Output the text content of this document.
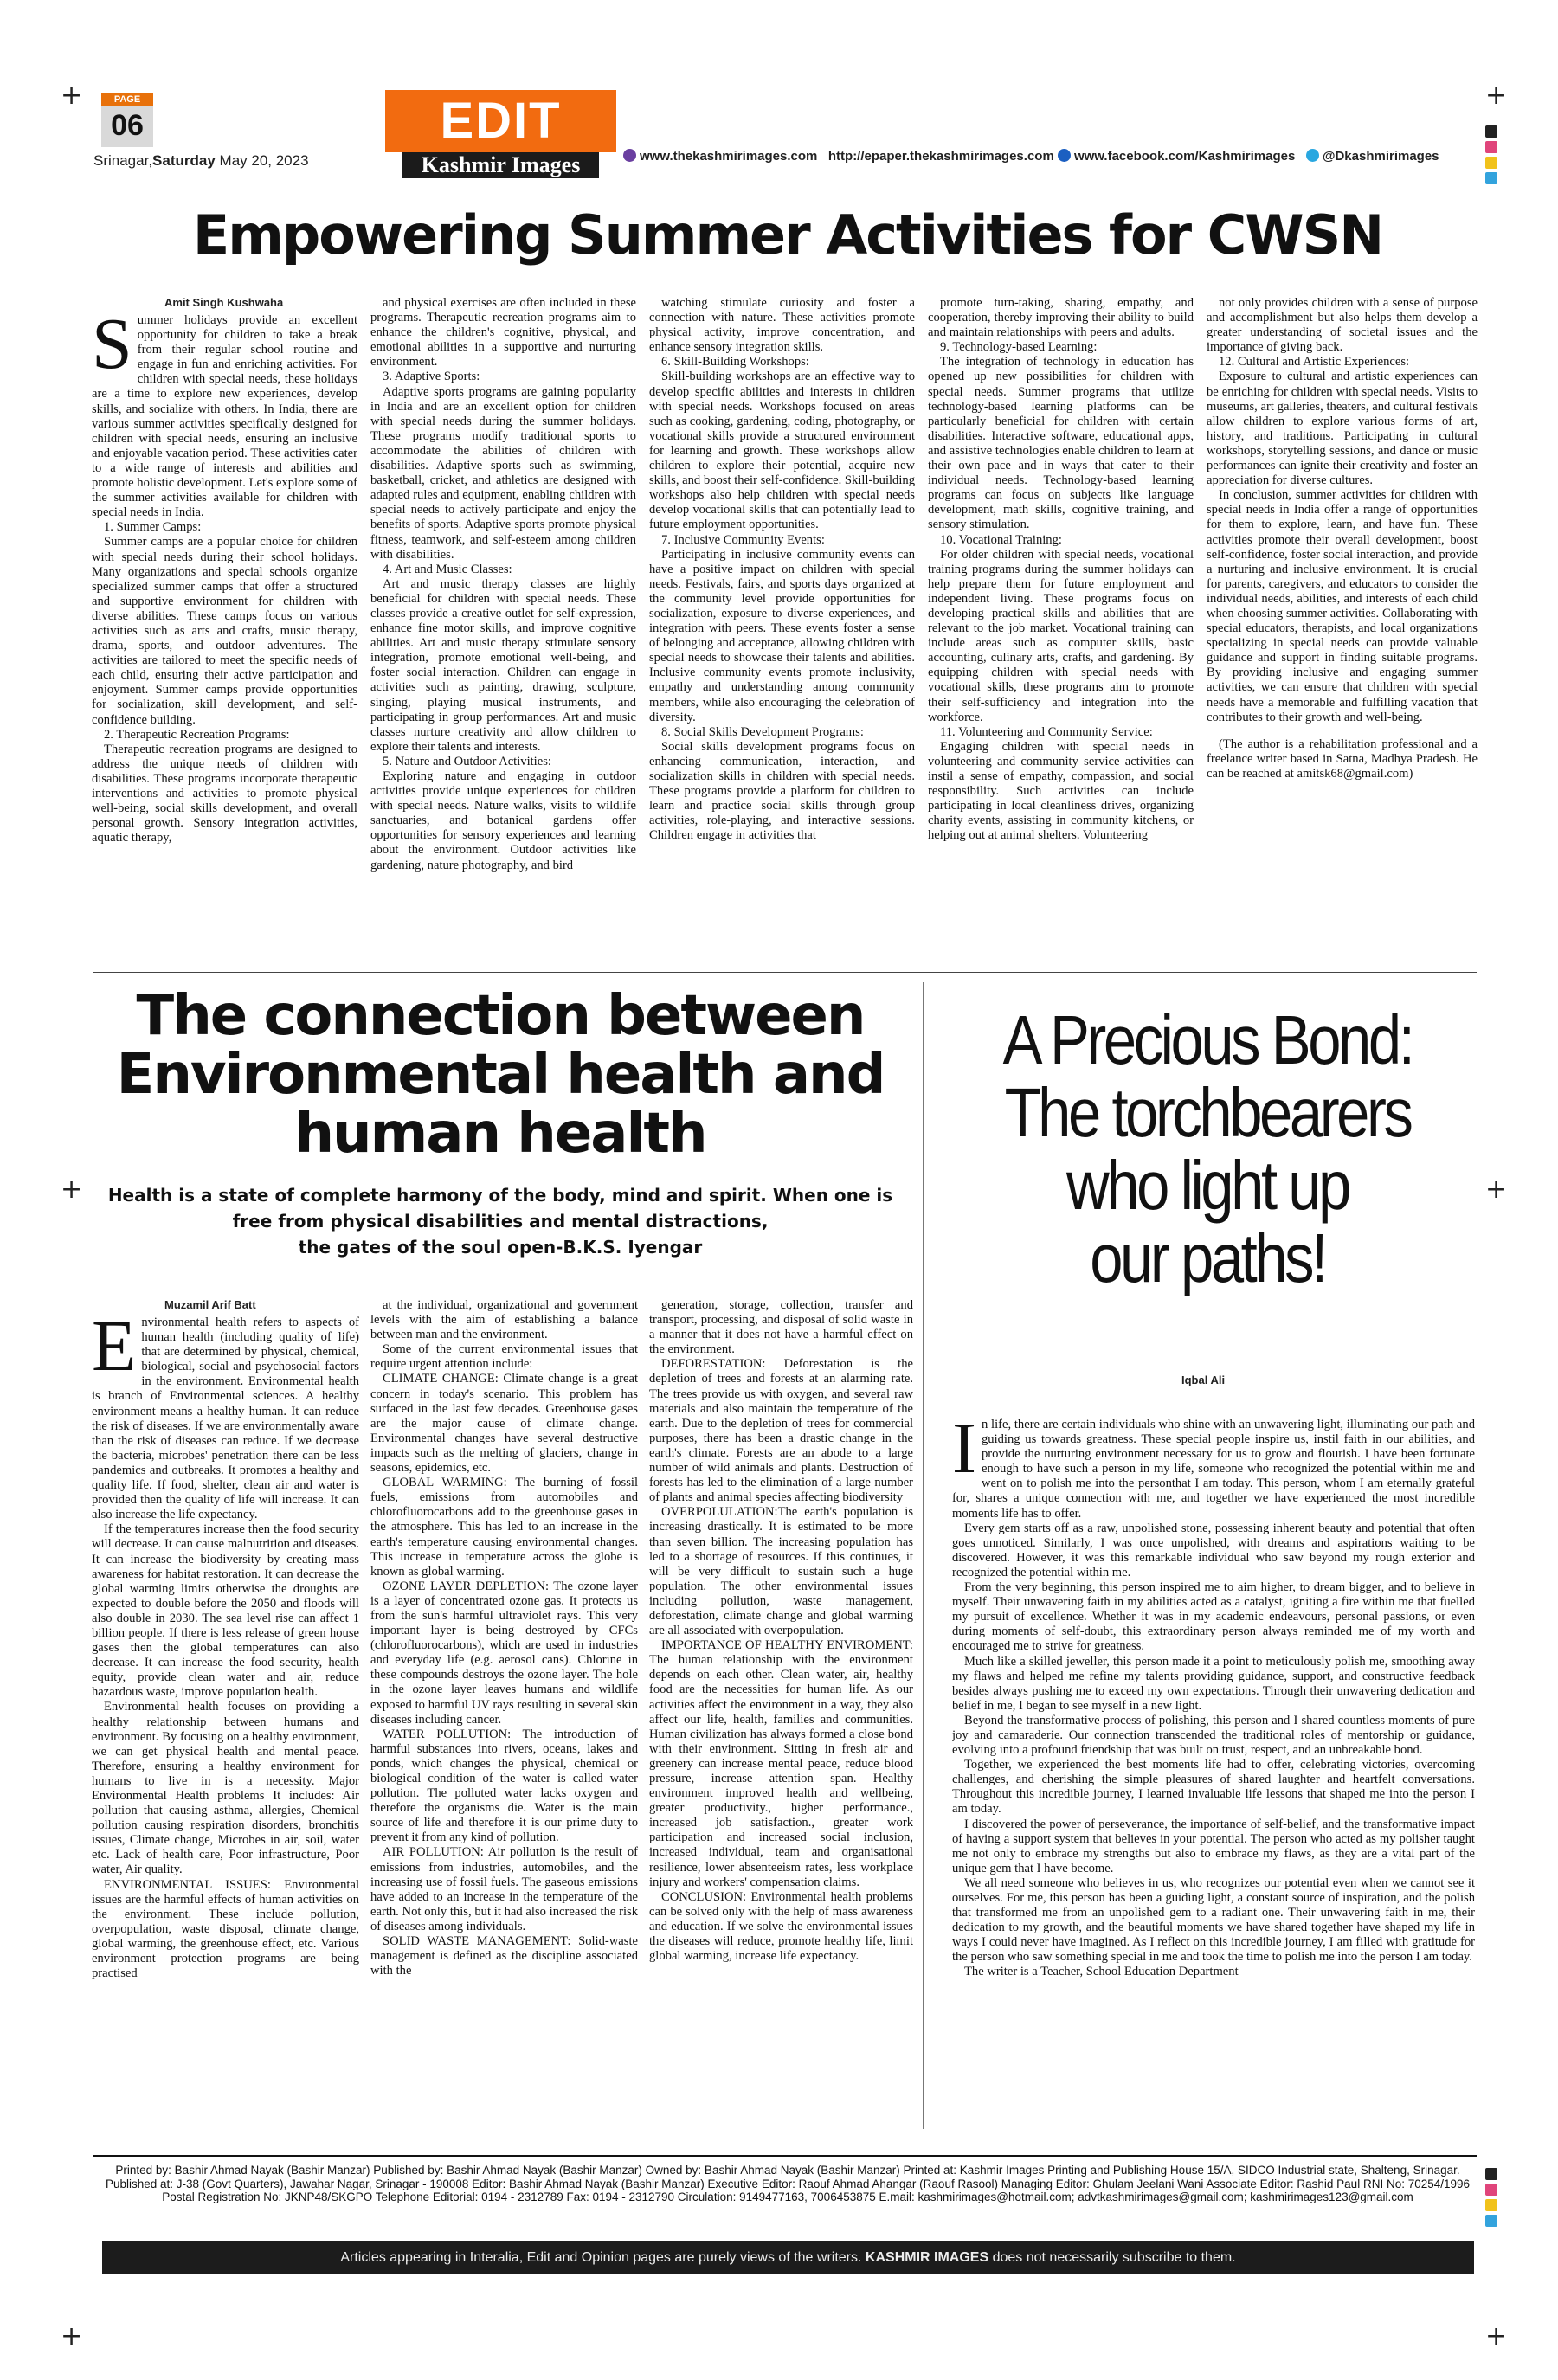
+	+
+	+
+	+
PAGE
06
Srinagar,Saturday May 20, 2023
EDIT
Kashmir Images	www.thekashmirimages.com http://epaper.thekashmirimages.com www.facebook.com/Kashmirimages @Dkashmirimages
Empowering Summer Activities for CWSN
Amit Singh Kushwaha

Summer holidays provide an excellent opportunity for children to take a break from their regular school routine and engage in fun and enriching activities. For children with special needs, these holidays are a time to explore new experiences, develop skills, and socialize with others. In India, there are various summer activities specifically designed for children with special needs, ensuring an inclusive and enjoyable vacation period. These activities cater to a wide range of interests and abilities and promote holistic development. Let's explore some of the summer activities available for children with special needs in India.

1. Summer Camps:

Summer camps are a popular choice for children with special needs during their school holidays. Many organizations and special schools organize specialized summer camps that offer a structured and supportive environment for children with diverse abilities. These camps focus on various activities such as arts and crafts, music therapy, drama, sports, and outdoor adventures. The activities are tailored to meet the specific needs of each child, ensuring their active participation and enjoyment. Summer camps provide opportunities for socialization, skill development, and self-confidence building.

2. Therapeutic Recreation Programs:

Therapeutic recreation programs are designed to address the unique needs of children with disabilities. These programs incorporate therapeutic interventions and activities to promote physical well-being, social skills development, and overall personal growth. Sensory integration activities, aquatic therapy,

and physical exercises are often included in these programs. Therapeutic recreation programs aim to enhance the children's cognitive, physical, and emotional abilities in a supportive and nurturing environment.

3. Adaptive Sports:

Adaptive sports programs are gaining popularity in India and are an excellent option for children with special needs during the summer holidays. These programs modify traditional sports to accommodate the abilities of children with disabilities. Adaptive sports such as swimming, basketball, cricket, and athletics are designed with adapted rules and equipment, enabling children with special needs to actively participate and enjoy the benefits of sports. Adaptive sports promote physical fitness, teamwork, and self-esteem among children with disabilities.

4. Art and Music Classes:

Art and music therapy classes are highly beneficial for children with special needs. These classes provide a creative outlet for self-expression, enhance fine motor skills, and improve cognitive abilities. Art and music therapy stimulate sensory integration, promote emotional well-being, and foster social interaction. Children can engage in activities such as painting, drawing, sculpture, singing, playing musical instruments, and participating in group performances. Art and music classes nurture creativity and allow children to explore their talents and interests.

5. Nature and Outdoor Activities:

Exploring nature and engaging in outdoor activities provide unique experiences for children with special needs. Nature walks, visits to wildlife sanctuaries, and botanical gardens offer opportunities for sensory experiences and learning about the environment. Outdoor activities like gardening, nature photography, and bird

watching stimulate curiosity and foster a connection with nature. These activities promote physical activity, improve concentration, and enhance sensory integration skills.

6. Skill-Building Workshops:

Skill-building workshops are an effective way to develop specific abilities and interests in children with special needs. Workshops focused on areas such as cooking, gardening, coding, photography, or vocational skills provide a structured environment for learning and growth. These workshops allow children to explore their potential, acquire new skills, and boost their self-confidence. Skill-building workshops also help children with special needs develop vocational skills that can potentially lead to future employment opportunities.

7. Inclusive Community Events:

Participating in inclusive community events can have a positive impact on children with special needs. Festivals, fairs, and sports days organized at the community level provide opportunities for socialization, exposure to diverse experiences, and integration with peers. These events foster a sense of belonging and acceptance, allowing children with special needs to showcase their talents and abilities. Inclusive community events promote inclusivity, empathy and understanding among community members, while also encouraging the celebration of diversity.

8. Social Skills Development Programs:

Social skills development programs focus on enhancing communication, interaction, and socialization skills in children with special needs. These programs provide a platform for children to learn and practice social skills through group activities, role-playing, and interactive sessions. Children engage in activities that

promote turn-taking, sharing, empathy, and cooperation, thereby improving their ability to build and maintain relationships with peers and adults.

9. Technology-based Learning:

The integration of technology in education has opened up new possibilities for children with special needs. Summer programs that utilize technology-based learning platforms can be particularly beneficial for children with certain disabilities. Interactive software, educational apps, and assistive technologies enable children to learn at their own pace and in ways that cater to their individual needs. Technology-based learning programs can focus on subjects like language development, math skills, cognitive training, and sensory stimulation.

10. Vocational Training:

For older children with special needs, vocational training programs during the summer holidays can help prepare them for future employment and independent living. These programs focus on developing practical skills and abilities that are relevant to the job market. Vocational training can include areas such as computer skills, basic accounting, culinary arts, crafts, and gardening. By equipping children with special needs with vocational skills, these programs aim to promote their self-sufficiency and integration into the workforce.

11. Volunteering and Community Service:

Engaging children with special needs in volunteering and community service activities can instil a sense of empathy, compassion, and social responsibility. Such activities can include participating in local cleanliness drives, organizing charity events, assisting in community kitchens, or helping out at animal shelters. Volunteering

not only provides children with a sense of purpose and accomplishment but also helps them develop a greater understanding of societal issues and the importance of giving back.

12. Cultural and Artistic Experiences:

Exposure to cultural and artistic experiences can be enriching for children with special needs. Visits to museums, art galleries, theaters, and cultural festivals allow children to explore various forms of art, history, and traditions. Participating in cultural workshops, storytelling sessions, and dance or music performances can ignite their creativity and foster an appreciation for diverse cultures.

In conclusion, summer activities for children with special needs in India offer a range of opportunities for them to explore, learn, and have fun. These activities promote their overall development, boost self-confidence, foster social interaction, and provide a nurturing and inclusive environment. It is crucial for parents, caregivers, and educators to consider the individual needs, abilities, and interests of each child when choosing summer activities. Collaborating with special educators, therapists, and local organizations specializing in special needs can provide valuable guidance and support in finding suitable programs. By providing inclusive and engaging summer activities, we can ensure that children with special needs have a memorable and fulfilling vacation that contributes to their growth and well-being.

(The author is a rehabilitation professional and a freelance writer based in Satna, Madhya Pradesh. He can be reached at amitsk68@gmail.com)

The connection between
Environmental health and
human health
Health is a state of complete harmony of the body, mind and spirit. When one is
free from physical disabilities and mental distractions,
the gates of the soul open-B.K.S. Iyengar
Muzamil Arif Batt

Environmental health refers to aspects of human health (including quality of life) that are determined by physical, chemical, biological, social and psychosocial factors in the environment. Environmental health is branch of Environmental sciences. A healthy environment means a healthy human. It can reduce the risk of diseases. If we are environmentally aware than the risk of diseases can reduce. If we decrease the bacteria, microbes' penetration there can be less pandemics and outbreaks. It promotes a healthy and quality life. If food, shelter, clean air and water is provided then the quality of life will increase. It can also increase the life expectancy.

If the temperatures increase then the food security will decrease. It can cause malnutrition and diseases. It can increase the biodiversity by creating mass awareness for habitat restoration. It can decrease the global warming limits otherwise the droughts are expected to double before the 2050 and floods will also double in 2030. The sea level rise can affect 1 billion people. If there is less release of green house gases then the global temperatures can also decrease. It can increase the food security, health equity, provide clean water and air, reduce hazardous waste, improve population health.

Environmental health focuses on providing a healthy relationship between humans and environment. By focusing on a healthy environment, we can get physical health and mental peace. Therefore, ensuring a healthy environment for humans to live in is a necessity. Major Environmental Health problems It includes: Air pollution that causing asthma, allergies, Chemical pollution causing respiration disorders, bronchitis issues, Climate change, Microbes in air, soil, water etc. Lack of health care, Poor infrastructure, Poor water, Air quality.

ENVIRONMENTAL ISSUES: Environmental issues are the harmful effects of human activities on the environment. These include pollution, overpopulation, waste disposal, climate change, global warming, the greenhouse effect, etc. Various environment protection programs are being practised

at the individual, organizational and government levels with the aim of establishing a balance between man and the environment.

Some of the current environmental issues that require urgent attention include:

CLIMATE CHANGE: Climate change is a great concern in today's scenario. This problem has surfaced in the last few decades. Greenhouse gases are the major cause of climate change. Environmental changes have several destructive impacts such as the melting of glaciers, change in seasons, epidemics, etc.

GLOBAL WARMING: The burning of fossil fuels, emissions from automobiles and chlorofluorocarbons add to the greenhouse gases in the atmosphere. This has led to an increase in the earth's temperature causing environmental changes. This increase in temperature across the globe is known as global warming.

OZONE LAYER DEPLETION: The ozone layer is a layer of concentrated ozone gas. It protects us from the sun's harmful ultraviolet rays. This very important layer is being destroyed by CFCs (chlorofluorocarbons), which are used in industries and everyday life (e.g. aerosol cans). Chlorine in these compounds destroys the ozone layer. The hole in the ozone layer leaves humans and wildlife exposed to harmful UV rays resulting in several skin diseases including cancer.

WATER POLLUTION: The introduction of harmful substances into rivers, oceans, lakes and ponds, which changes the physical, chemical or biological condition of the water is called water pollution. The polluted water lacks oxygen and therefore the organisms die. Water is the main source of life and therefore it is our prime duty to prevent it from any kind of pollution.

AIR POLLUTION: Air pollution is the result of emissions from industries, automobiles, and the increasing use of fossil fuels. The gaseous emissions have added to an increase in the temperature of the earth. Not only this, but it had also increased the risk of diseases among individuals.

SOLID WASTE MANAGEMENT: Solid-waste management is defined as the discipline associated with the

generation, storage, collection, transfer and transport, processing, and disposal of solid waste in a manner that it does not have a harmful effect on the environment.

DEFORESTATION: Deforestation is the depletion of trees and forests at an alarming rate. The trees provide us with oxygen, and several raw materials and also maintain the temperature of the earth. Due to the depletion of trees for commercial purposes, there has been a drastic change in the earth's climate. Forests are an abode to a large number of wild animals and plants. Destruction of forests has led to the elimination of a large number of plants and animal species affecting biodiversity

OVERPOLULATION:The earth's population is increasing drastically. It is estimated to be more than seven billion. The increasing population has led to a shortage of resources. If this continues, it will be very difficult to sustain such a huge population. The other environmental issues including pollution, waste management, deforestation, climate change and global warming are all associated with overpopulation.

IMPORTANCE OF HEALTHY ENVIROMENT: The human relationship with the environment depends on each other. Clean water, air, healthy food are the necessities for human life. As our activities affect the environment in a way, they also affect our life, health, families and communities. Human civilization has always formed a close bond with their environment. Sitting in fresh air and greenery can increase mental peace, reduce blood pressure, increase attention span. Healthy environment improved health and wellbeing, greater productivity., higher performance., increased job satisfaction., greater work participation and increased social inclusion, increased individual, team and organisational resilience, lower absenteeism rates, less workplace injury and workers' compensation claims.

CONCLUSION: Environmental health problems can be solved only with the help of mass awareness and education. If we solve the environmental issues the diseases will reduce, promote healthy life, limit global warming, increase life expectancy.

A Precious Bond:
The torchbearers
who light up
our paths!
Iqbal Ali

In life, there are certain individuals who shine with an unwavering light, illuminating our path and guiding us towards greatness. These special people inspire us, instil faith in our abilities, and provide the nurturing environment necessary for us to grow and flourish. I have been fortunate enough to have such a person in my life, someone who recognized the potential within me and went on to polish me into the personthat I am today. This person, whom I am eternally grateful for, shares a unique connection with me, and together we have experienced the most incredible moments life has to offer.

Every gem starts off as a raw, unpolished stone, possessing inherent beauty and potential that often goes unnoticed. Similarly, I was once unpolished, with dreams and aspirations waiting to be discovered. However, it was this remarkable individual who saw beyond my rough exterior and recognized the potential within me.

From the very beginning, this person inspired me to aim higher, to dream bigger, and to believe in myself. Their unwavering faith in my abilities acted as a catalyst, igniting a fire within me that fuelled my pursuit of excellence. Whether it was in my academic endeavours, personal passions, or even during moments of self-doubt, this extraordinary person always reminded me of my worth and encouraged me to strive for greatness.

Much like a skilled jeweller, this person made it a point to meticulously polish me, smoothing away my flaws and helped me refine my talents providing guidance, support, and constructive feedback besides always pushing me to exceed my own expectations. Through their unwavering dedication and belief in me, I began to see myself in a new light.

Beyond the transformative process of polishing, this person and I shared countless moments of pure joy and camaraderie. Our connection transcended the traditional roles of mentorship or guidance, evolving into a profound friendship that was built on trust, respect, and an unbreakable bond.

Together, we experienced the best moments life had to offer, celebrating victories, overcoming challenges, and cherishing the simple pleasures of shared laughter and heartfelt conversations. Throughout this incredible journey, I learned invaluable life lessons that shaped me into the person I am today.

I discovered the power of perseverance, the importance of self-belief, and the transformative impact of having a support system that believes in your potential. The person who acted as my polisher taught me not only to embrace my strengths but also to embrace my flaws, as they are a vital part of the unique gem that I have become.

We all need someone who believes in us, who recognizes our potential even when we cannot see it ourselves. For me, this person has been a guiding light, a constant source of inspiration, and the polish that transformed me from an unpolished gem to a radiant one. Their unwavering faith in me, their dedication to my growth, and the beautiful moments we have shared together have shaped my life in ways I could never have imagined. As I reflect on this incredible journey, I am filled with gratitude for the person who saw something special in me and took the time to polish me into the person I am today.

The writer is a Teacher, School Education Department

Printed by: Bashir Ahmad Nayak (Bashir Manzar) Published by: Bashir Ahmad Nayak (Bashir Manzar) Owned by: Bashir Ahmad Nayak (Bashir Manzar) Printed at: Kashmir Images Printing and Publishing House 15/A, SIDCO Industrial state, Shalteng, Srinagar.
Published at: J-38 (Govt Quarters), Jawahar Nagar, Srinagar - 190008 Editor: Bashir Ahmad Nayak (Bashir Manzar) Executive Editor: Raouf Ahmad Ahangar (Raouf Rasool) Managing Editor: Ghulam Jeelani Wani Associate Editor: Rashid Paul RNI No: 70254/1996
Postal Registration No: JKNP48/SKGPO Telephone Editorial: 0194 - 2312789 Fax: 0194 - 2312790 Circulation: 9149477163, 7006453875 E.mail: kashmirimages@hotmail.com; advtkashmirimages@gmail.com; kashmirimages123@gmail.com
Articles appearing in Interalia, Edit and Opinion pages are purely views of the writers. KASHMIR IMAGES does not necessarily subscribe to them.
